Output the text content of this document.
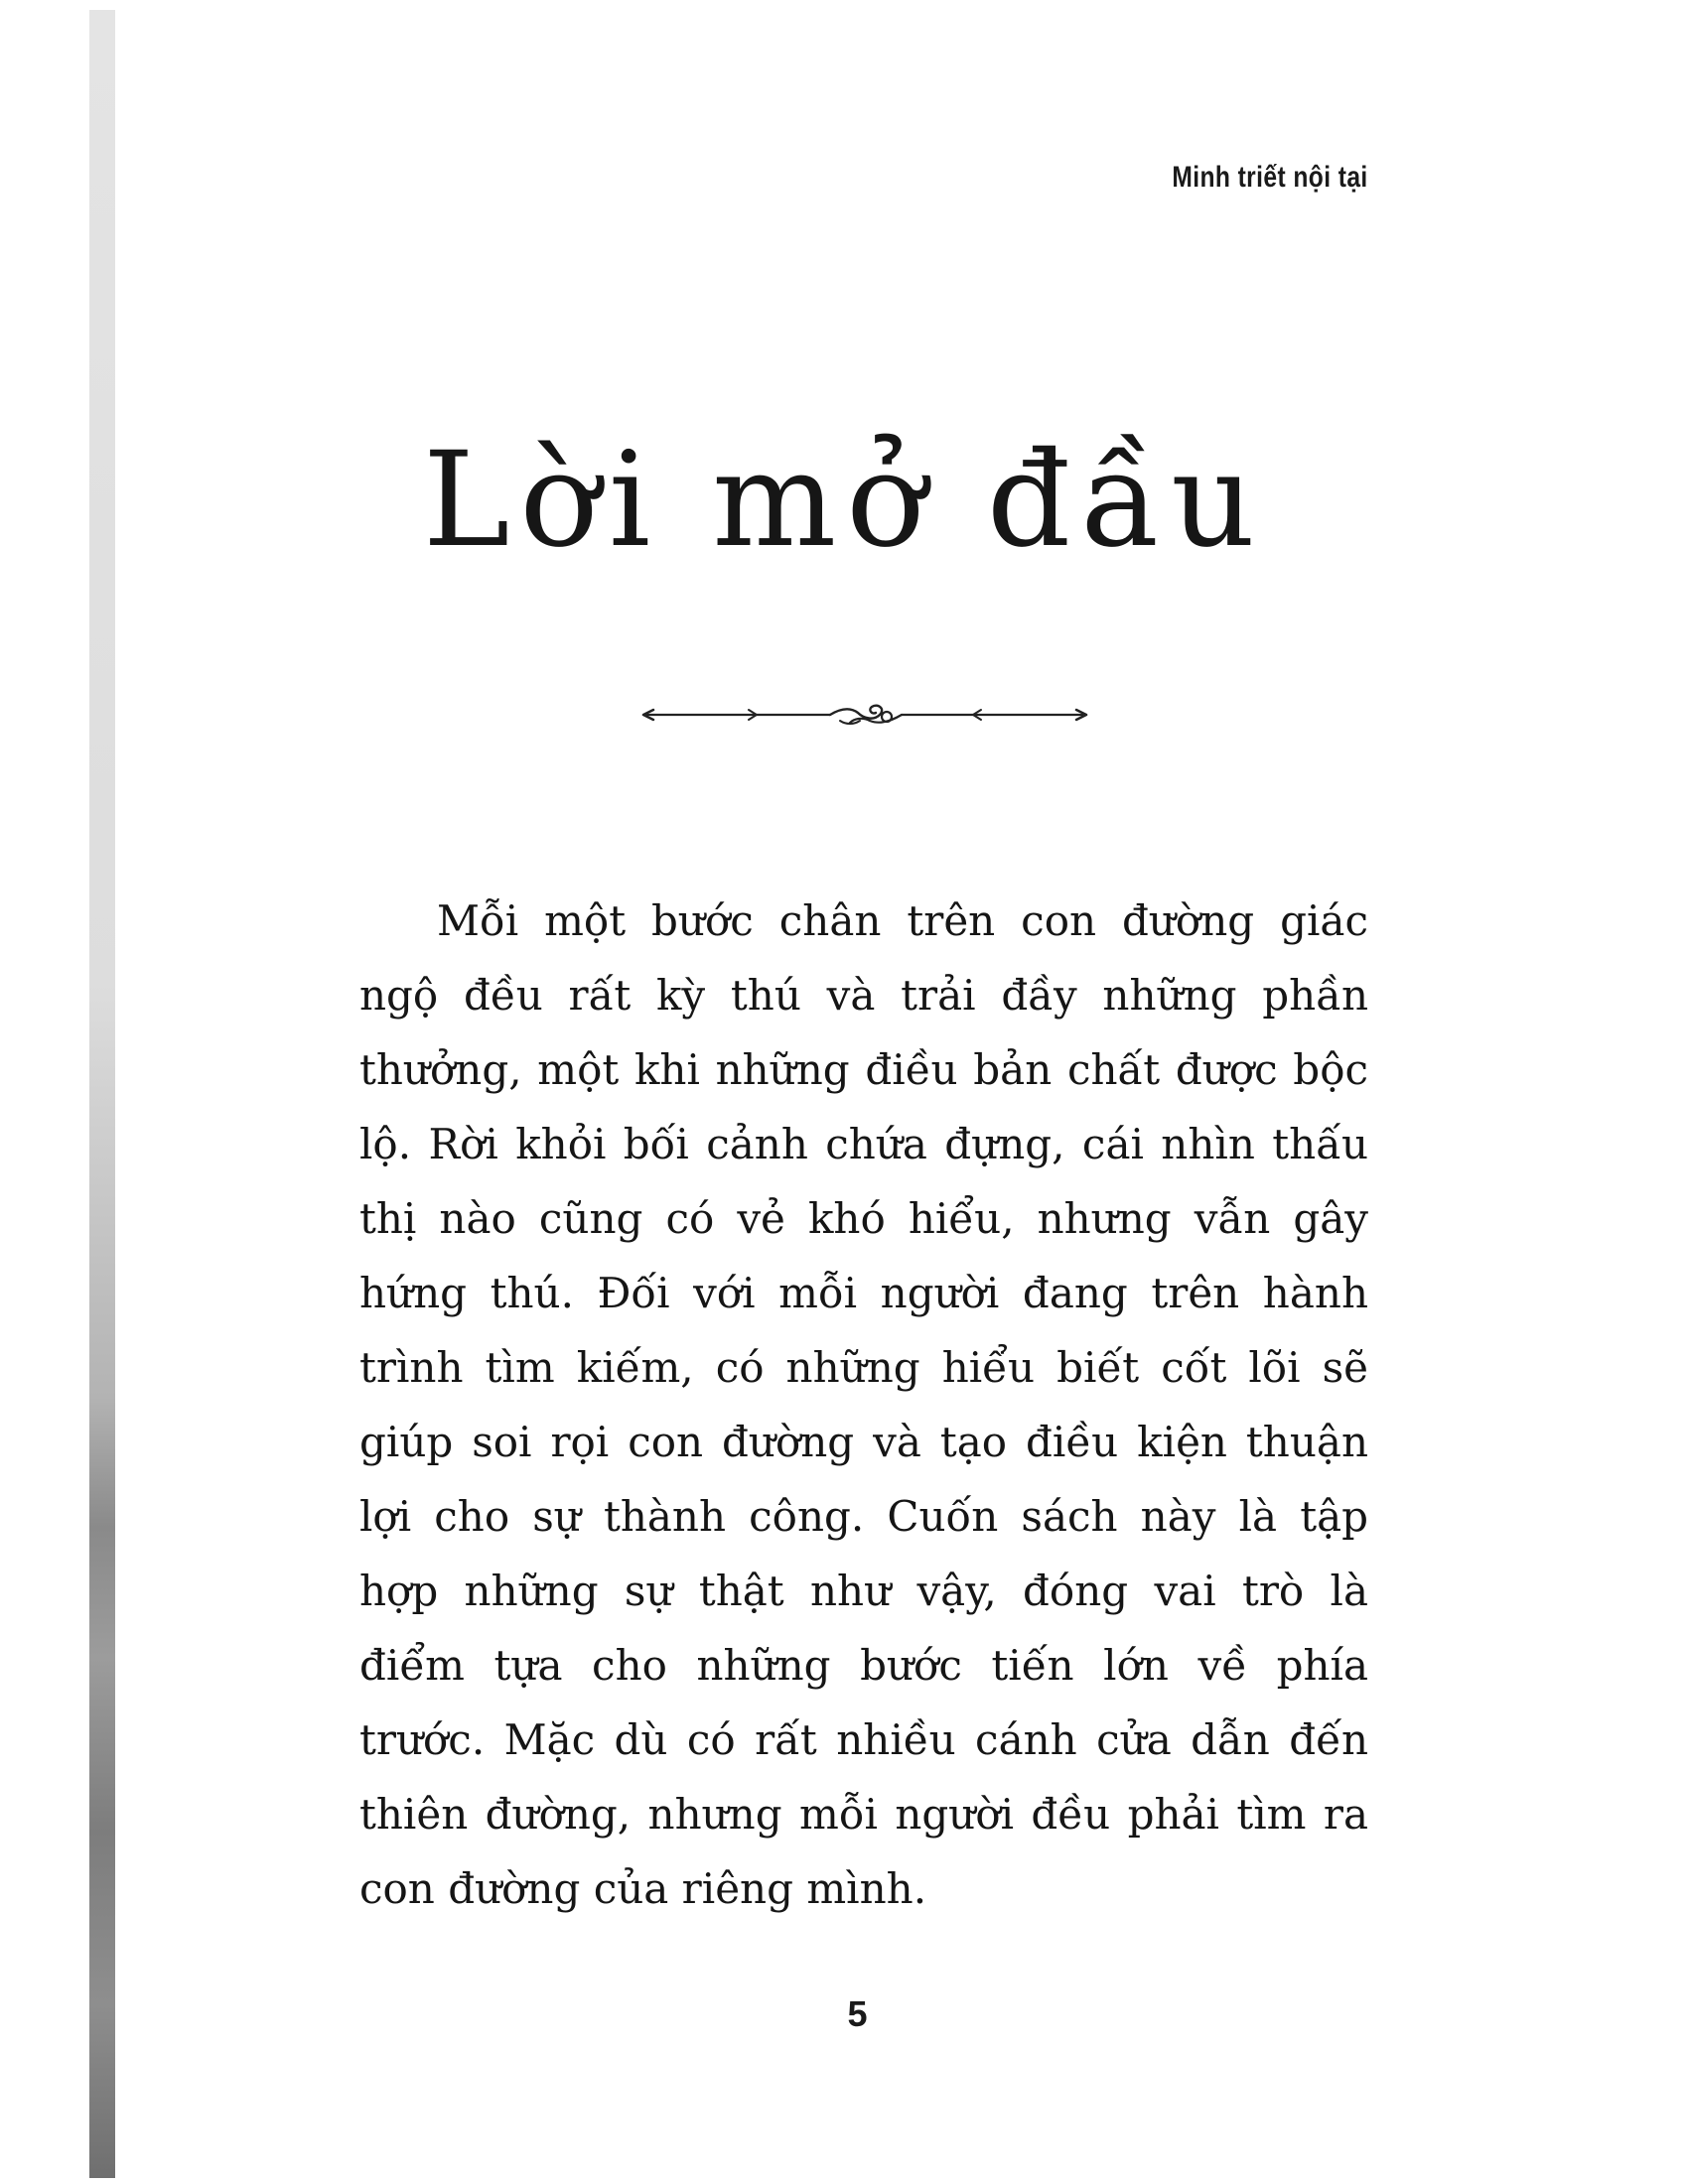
Minh triết nội tại
Lời mở đầu

Mỗi một bước chân trên con đường giác ngộ đều rất kỳ thú và trải đầy những phần thưởng, một khi những điều bản chất được bộc lộ. Rời khỏi bối cảnh chứa đựng, cái nhìn thấu thị nào cũng có vẻ khó hiểu, nhưng vẫn gây hứng thú. Đối với mỗi người đang trên hành trình tìm kiếm, có những hiểu biết cốt lõi sẽ giúp soi rọi con đường và tạo điều kiện thuận lợi cho sự thành công. Cuốn sách này là tập hợp những sự thật như vậy, đóng vai trò là điểm tựa cho những bước tiến lớn về phía trước. Mặc dù có rất nhiều cánh cửa dẫn đến thiên đường, nhưng mỗi người đều phải tìm ra con đường của riêng mình.

5
